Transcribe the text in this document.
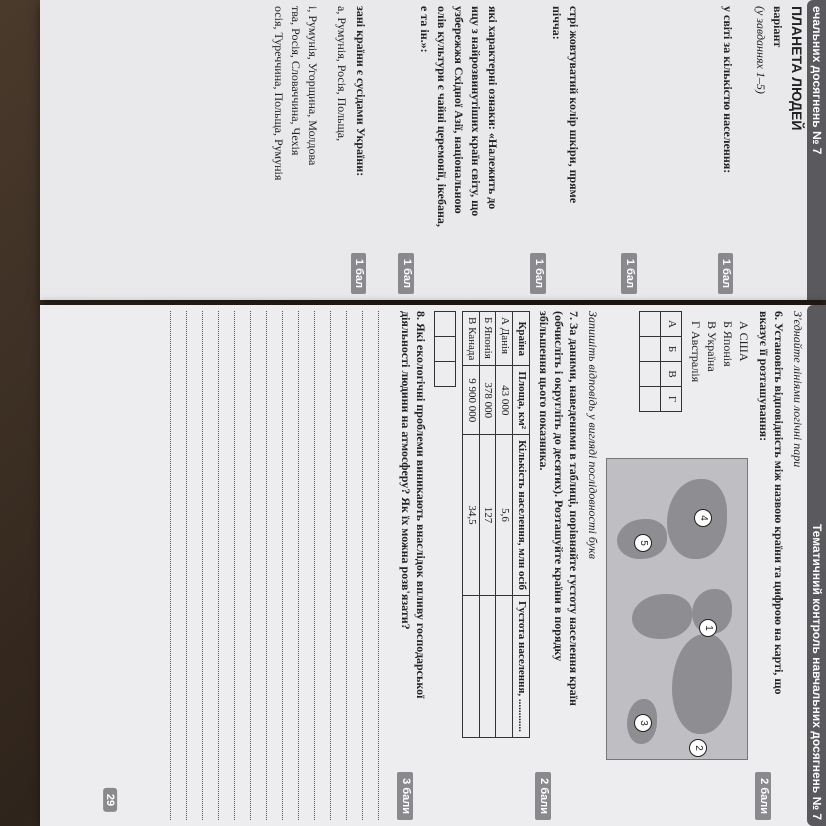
ечальних досягнень № 7
ПЛАНЕТА ЛЮДЕЙ
варіант
(у завданнях 1–5)
у світі за кількістю населення:
1 бал
1 бал
стрі жовтуватий колір шкіри, пряме
пічча:
1 бал
які характерні ознаки: «Належить до
ицу з найрозвинутіших країн світу, що
узбережжя Східної Азії, національною
олів культури є чайні церемонії, ікебана,
е та ін.»:
1 бал
зані країни є сусідами України:
1 бал
а, Румунія, Росія, Польща,
і, Румунія, Угорщина, Молдова
тва, Росія, Словаччина, Чехія
осія, Туреччина, Польща, Румунія
Тематичний контроль навчальних досягнень № 7
З'єднайте лініями логічні пари
6. Установіть відповідність між назвою країни та цифрою на карті, що
вказує її розташування:
2 бали
А США
Б Японія
В Україна
Г Австралія
А	Б	В	Г

1
2
3
4
5
Запишіть відповідь у вигляді послідовності букв
7. За даними, наведеними в таблиці, порівняйте густоту населення країн
(обчисліть і округліть до десятих). Розташуйте країни в порядку
збільшення цього показника.
2 бали
Країна	Площа, км²	Кількість населення, млн осіб	Густота населення, ............
А Данія	43 000	5,6	
Б Японія	378 000	127	
В Канада	9 900 000	34,5	

8. Які екологічні проблеми виникають внаслідок впливу господарської
діяльності людини на атмосферу? Як їх можна розв'язати?
3 бали
29
